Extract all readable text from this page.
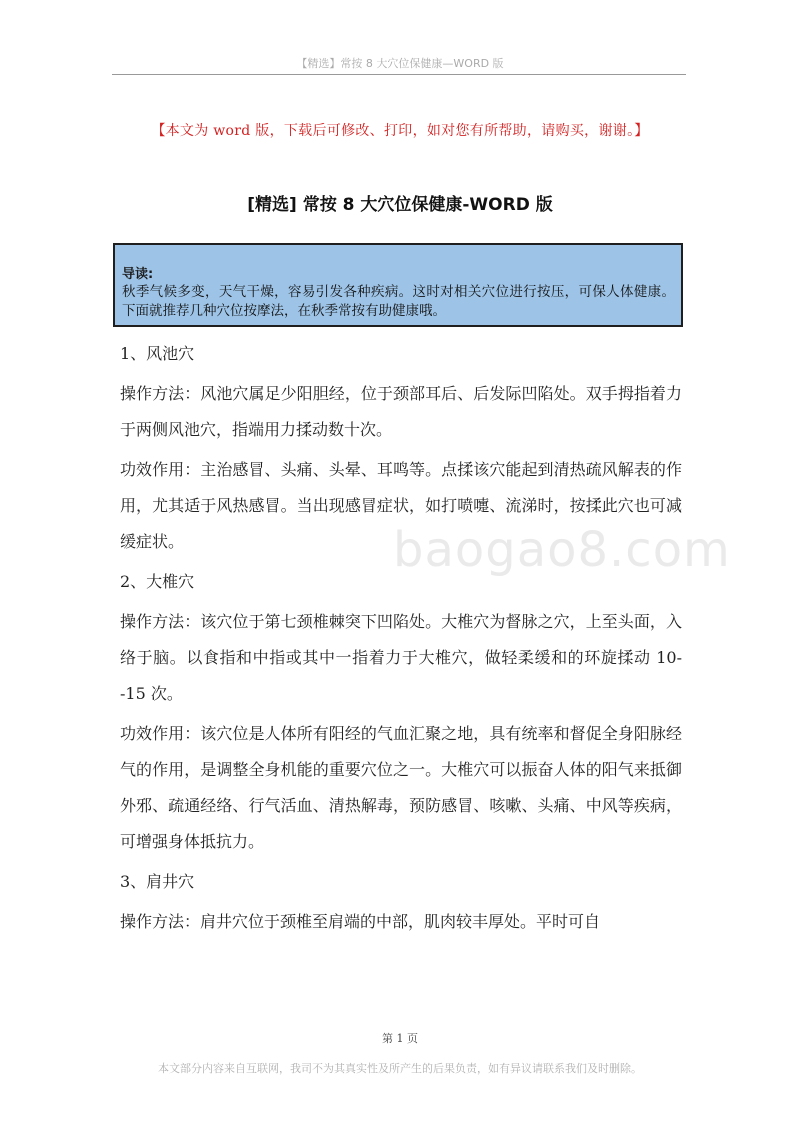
【精选】常按 8 大穴位保健康—WORD 版
【本文为 word 版，下载后可修改、打印，如对您有所帮助，请购买，谢谢。】
[精选] 常按 8 大穴位保健康-WORD 版
导读:
秋季气候多变，天气干燥，容易引发各种疾病。这时对相关穴位进行按压，可保人体健康。下面就推荐几种穴位按摩法，在秋季常按有助健康哦。

1、风池穴

操作方法：风池穴属足少阳胆经，位于颈部耳后、后发际凹陷处。双手拇指着力于两侧风池穴，指端用力揉动数十次。

功效作用：主治感冒、头痛、头晕、耳鸣等。点揉该穴能起到清热疏风解表的作用，尤其适于风热感冒。当出现感冒症状，如打喷嚏、流涕时，按揉此穴也可减缓症状。

2、大椎穴

操作方法：该穴位于第七颈椎棘突下凹陷处。大椎穴为督脉之穴，上至头面，入络于脑。以食指和中指或其中一指着力于大椎穴，做轻柔缓和的环旋揉动 10--15 次。

功效作用：该穴位是人体所有阳经的气血汇聚之地，具有统率和督促全身阳脉经气的作用，是调整全身机能的重要穴位之一。大椎穴可以振奋人体的阳气来抵御外邪、疏通经络、行气活血、清热解毒，预防感冒、咳嗽、头痛、中风等疾病，可增强身体抵抗力。

3、肩井穴

操作方法：肩井穴位于颈椎至肩端的中部，肌肉较丰厚处。平时可自

baogao8.com
第 1 页
本文部分内容来自互联网，我司不为其真实性及所产生的后果负责，如有异议请联系我们及时删除。
